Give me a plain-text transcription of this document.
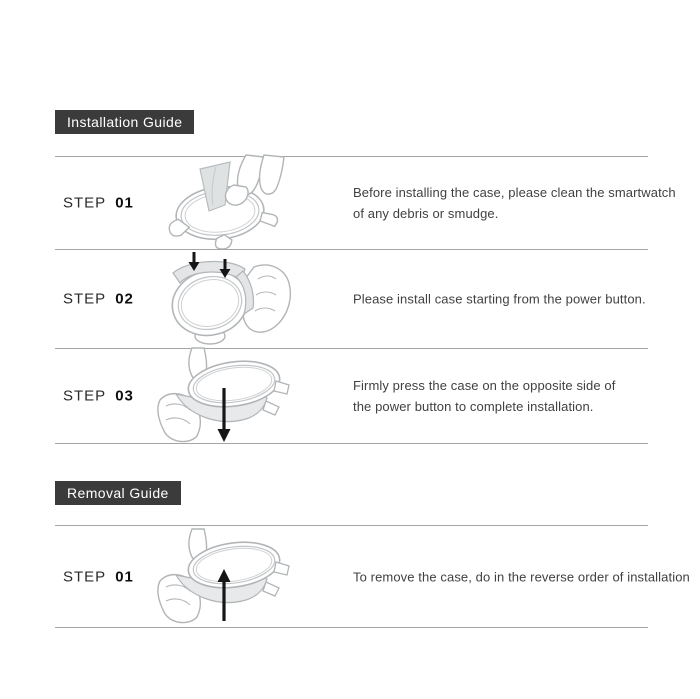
Installation Guide
STEP 01
Before installing the case, please clean the smartwatch
of any debris or smudge.
STEP 02	Please install case starting from the power button.
STEP 03
Firmly press the case on the opposite side of
the power button to complete installation.
Removal Guide
STEP 01	To remove the case, do in the reverse order of installation
